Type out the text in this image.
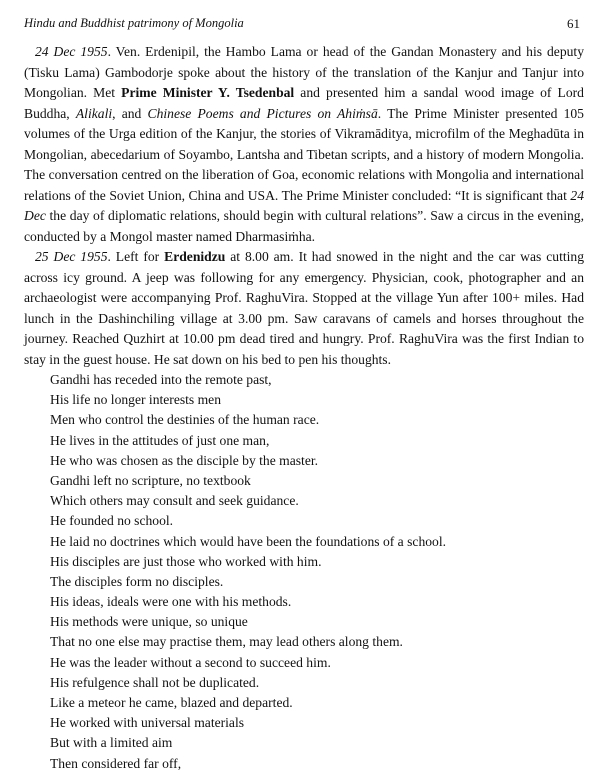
Hindu and Buddhist patrimony of Mongolia	61

24 Dec 1955. Ven. Erdenipil, the Hambo Lama or head of the Gandan Monastery and his deputy (Tisku Lama) Gambodorje spoke about the history of the translation of the Kanjur and Tanjur into Mongolian. Met Prime Minister Y. Tsedenbal and presented him a sandal wood image of Lord Buddha, Alikali, and Chinese Poems and Pictures on Ahiṁsā. The Prime Minister presented 105 volumes of the Urga edition of the Kanjur, the stories of Vikramāditya, microfilm of the Meghadūta in Mongolian, abecedarium of Soyambo, Lantsha and Tibetan scripts, and a history of modern Mongolia. The conversation centred on the liberation of Goa, economic relations with Mongolia and international relations of the Soviet Union, China and USA. The Prime Minister concluded: “It is significant that 24 Dec the day of diplomatic relations, should begin with cultural relations”. Saw a circus in the evening, conducted by a Mongol master named Dharmasiṁha.

25 Dec 1955. Left for Erdenidzu at 8.00 am. It had snowed in the night and the car was cutting across icy ground. A jeep was following for any emergency. Physician, cook, photographer and an archaeologist were accompanying Prof. RaghuVira. Stopped at the village Yun after 100+ miles. Had lunch in the Dashinchiling village at 3.00 pm. Saw caravans of camels and horses throughout the journey. Reached Quzhirt at 10.00 pm dead tired and hungry. Prof. RaghuVira was the first Indian to stay in the guest house. He sat down on his bed to pen his thoughts.

Gandhi has receded into the remote past,
His life no longer interests men
Men who control the destinies of the human race.
He lives in the attitudes of just one man,
He who was chosen as the disciple by the master.
Gandhi left no scripture, no textbook
Which others may consult and seek guidance.
He founded no school.
He laid no doctrines which would have been the foundations of a school.
His disciples are just those who worked with him.
The disciples form no disciples.
His ideas, ideals were one with his methods.
His methods were unique, so unique
That no one else may practise them, may lead others along them.
He was the leader without a second to succeed him.
His refulgence shall not be duplicated.
Like a meteor he came, blazed and departed.
He worked with universal materials
But with a limited aim
Then considered far off,
